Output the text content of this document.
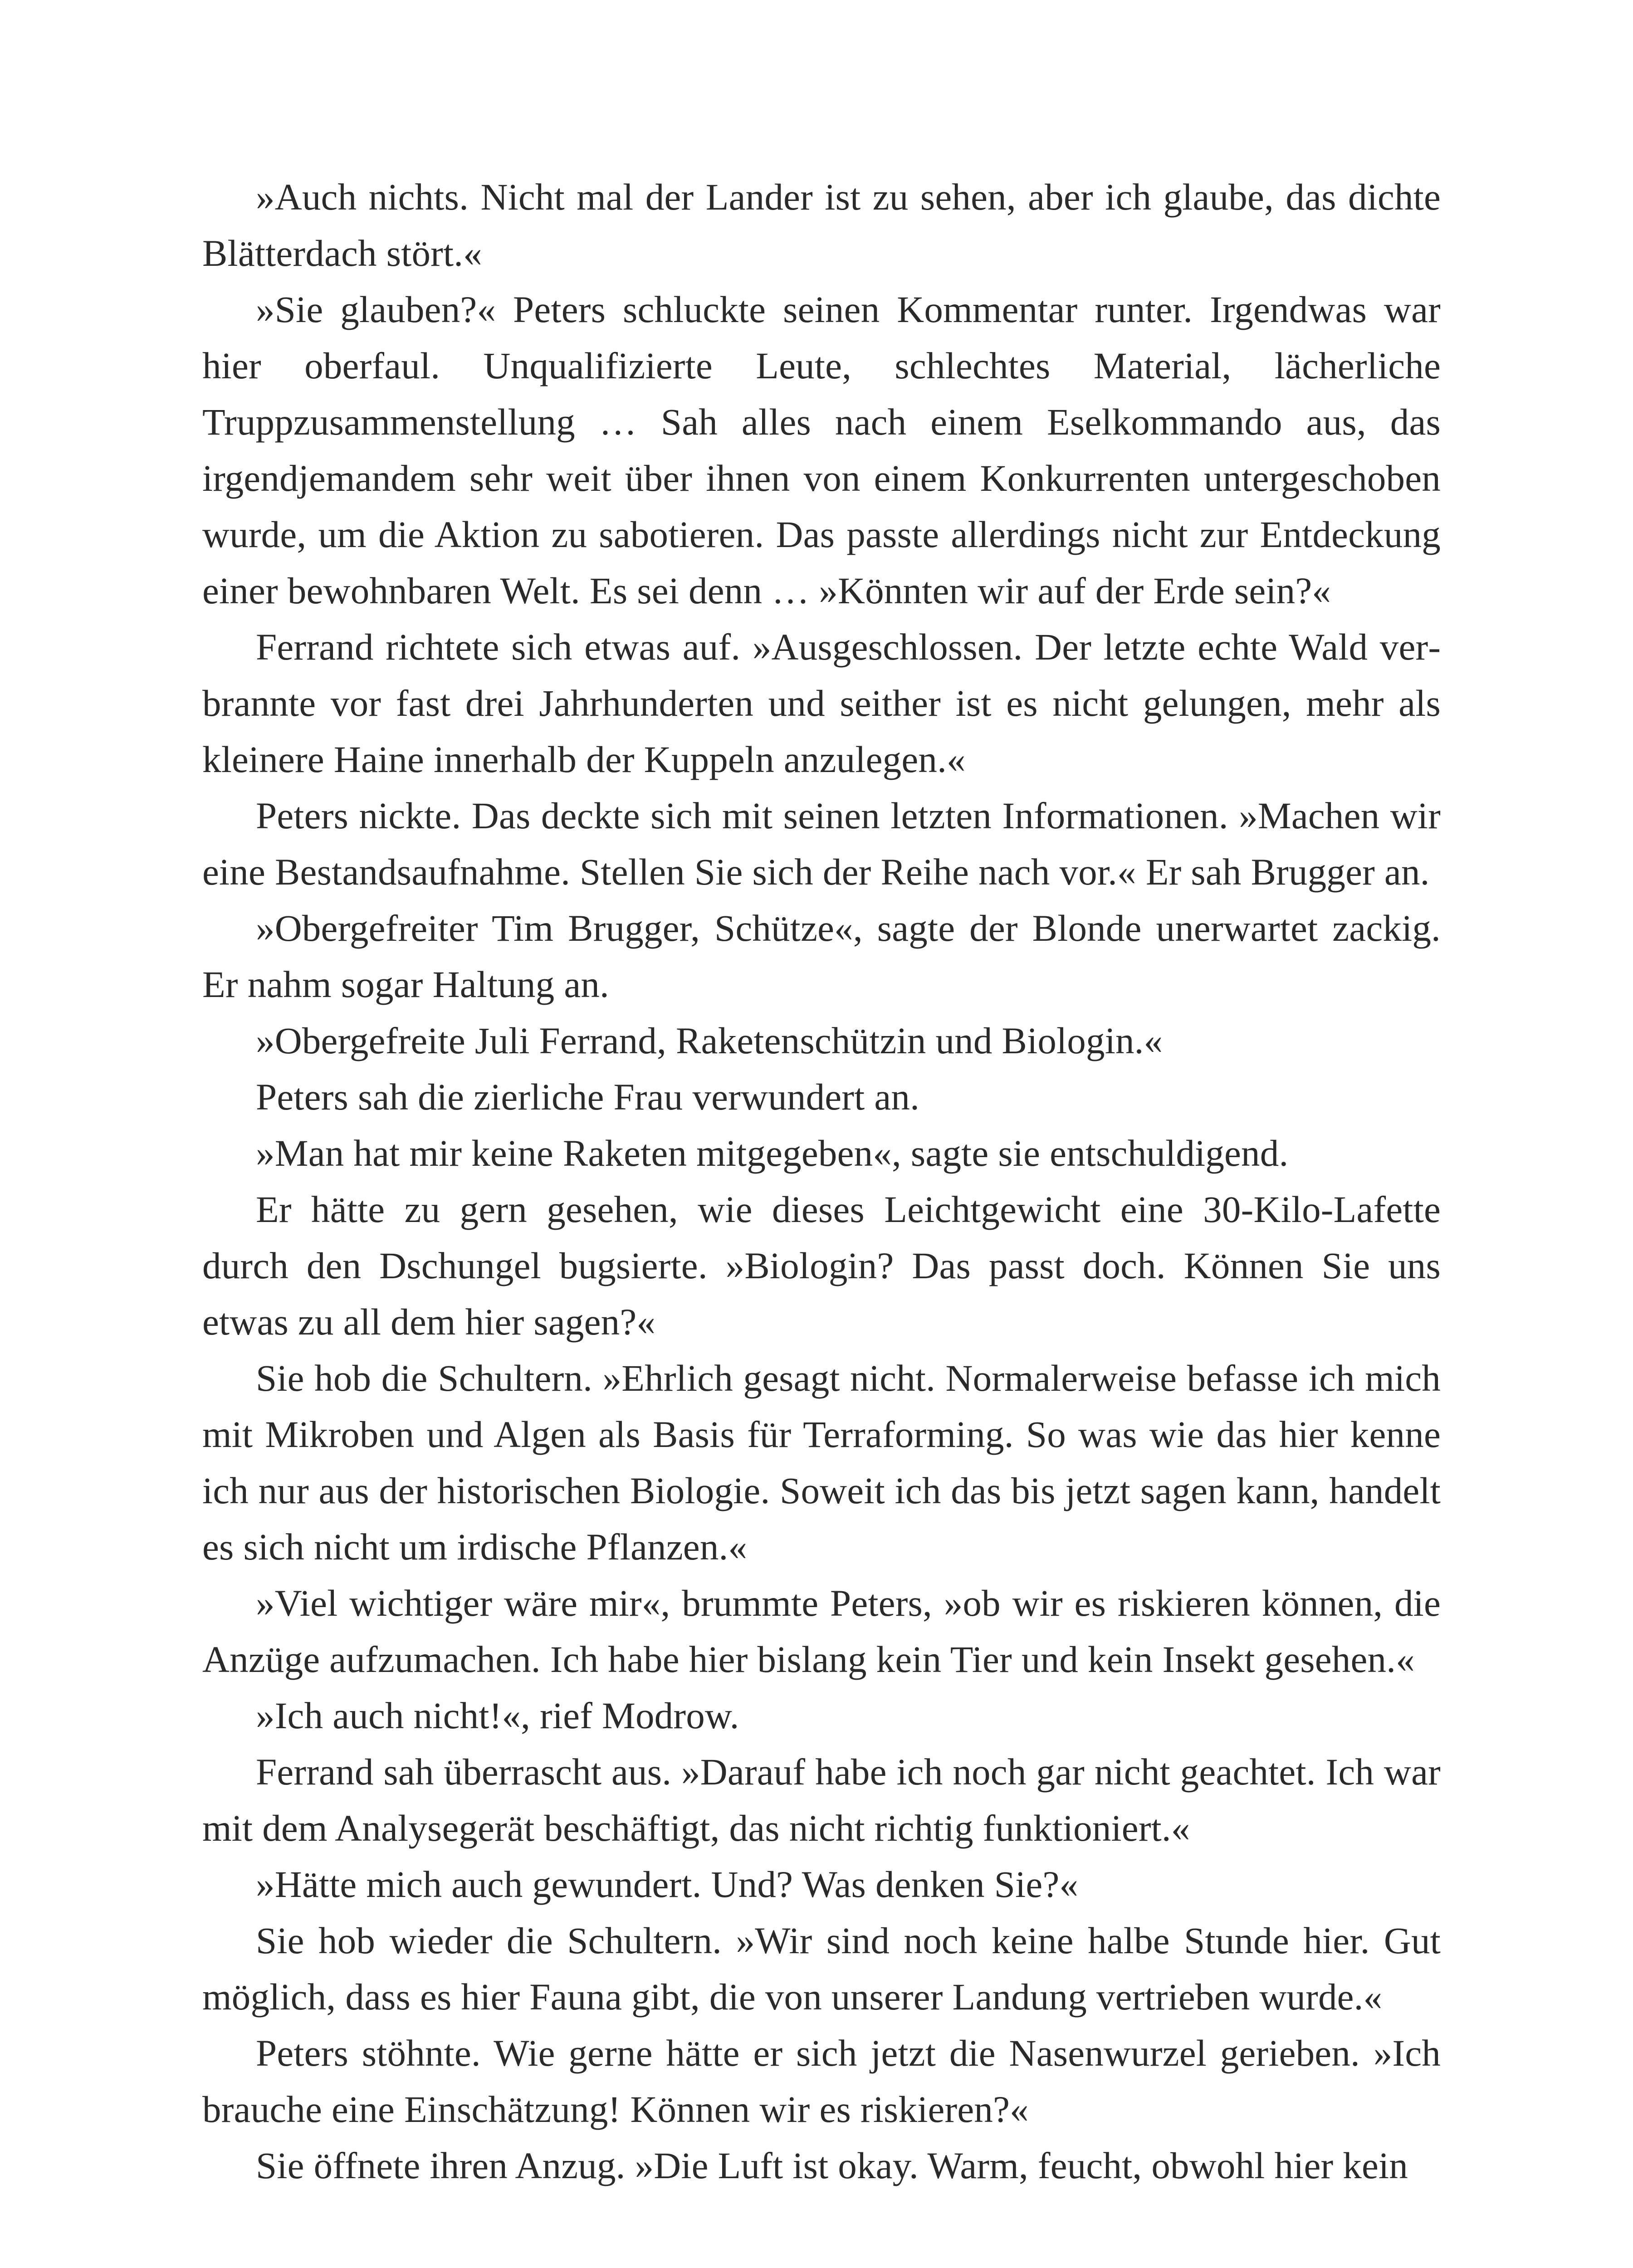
»Auch nichts. Nicht mal der Lander ist zu sehen, aber ich glaube, das dichte Blätterdach stört.«

»Sie glauben?« Peters schluckte seinen Kommentar runter. Irgendwas war hier oberfaul. Unqualifizierte Leute, schlechtes Material, lächerliche Truppzusammenstellung … Sah alles nach einem Eselkommando aus, das irgendjemandem sehr weit über ihnen von einem Konkurrenten untergeschoben wurde, um die Aktion zu sabotieren. Das passte allerdings nicht zur Entdeckung einer bewohnbaren Welt. Es sei denn … »Könnten wir auf der Erde sein?«

Ferrand richtete sich etwas auf. »Ausgeschlossen. Der letzte echte Wald verbrannte vor fast drei Jahrhunderten und seither ist es nicht gelungen, mehr als kleinere Haine innerhalb der Kuppeln anzulegen.«

Peters nickte. Das deckte sich mit seinen letzten Informationen. »Machen wir eine Bestandsaufnahme. Stellen Sie sich der Reihe nach vor.« Er sah Brugger an.

»Obergefreiter Tim Brugger, Schütze«, sagte der Blonde unerwartet zackig. Er nahm sogar Haltung an.

»Obergefreite Juli Ferrand, Raketenschützin und Biologin.«

Peters sah die zierliche Frau verwundert an.

»Man hat mir keine Raketen mitgegeben«, sagte sie entschuldigend.

Er hätte zu gern gesehen, wie dieses Leichtgewicht eine 30-Kilo-Lafette durch den Dschungel bugsierte. »Biologin? Das passt doch. Können Sie uns etwas zu all dem hier sagen?«

Sie hob die Schultern. »Ehrlich gesagt nicht. Normalerweise befasse ich mich mit Mikroben und Algen als Basis für Terraforming. So was wie das hier kenne ich nur aus der historischen Biologie. Soweit ich das bis jetzt sagen kann, handelt es sich nicht um irdische Pflanzen.«

»Viel wichtiger wäre mir«, brummte Peters, »ob wir es riskieren können, die Anzüge aufzumachen. Ich habe hier bislang kein Tier und kein Insekt gesehen.«

»Ich auch nicht!«, rief Modrow.

Ferrand sah überrascht aus. »Darauf habe ich noch gar nicht geachtet. Ich war mit dem Analysegerät beschäftigt, das nicht richtig funktioniert.«

»Hätte mich auch gewundert. Und? Was denken Sie?«

Sie hob wieder die Schultern. »Wir sind noch keine halbe Stunde hier. Gut möglich, dass es hier Fauna gibt, die von unserer Landung vertrieben wurde.«

Peters stöhnte. Wie gerne hätte er sich jetzt die Nasenwurzel gerieben. »Ich brauche eine Einschätzung! Können wir es riskieren?«

Sie öffnete ihren Anzug. »Die Luft ist okay. Warm, feucht, obwohl hier kein
